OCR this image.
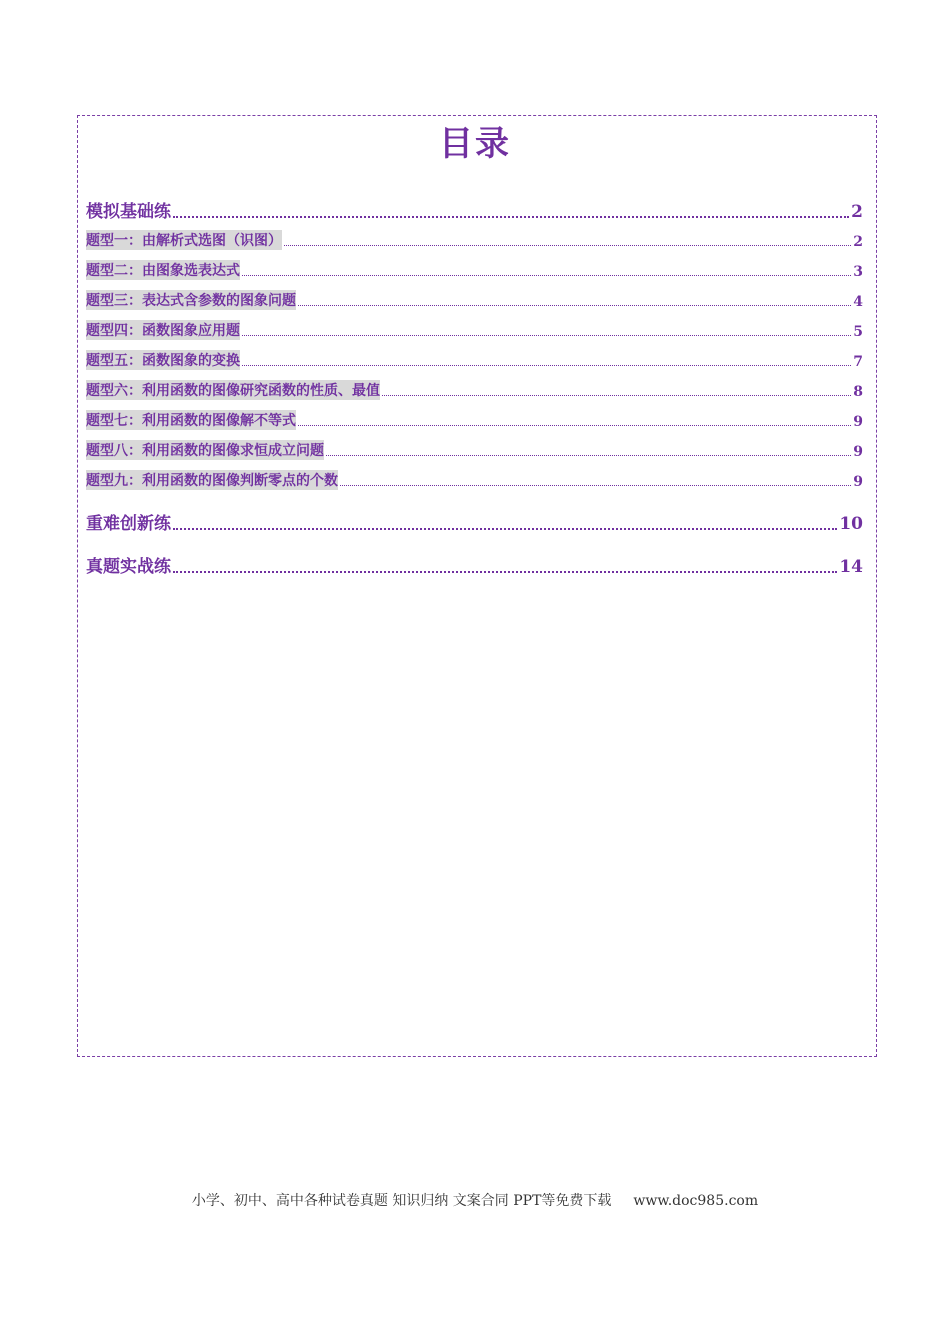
目录
模拟基础练	2
题型一：由解析式选图（识图）	2
题型二：由图象选表达式	3
题型三：表达式含参数的图象问题	4
题型四：函数图象应用题	5
题型五：函数图象的变换	7
题型六：利用函数的图像研究函数的性质、最值	8
题型七：利用函数的图像解不等式	9
题型八：利用函数的图像求恒成立问题	9
题型九：利用函数的图像判断零点的个数	9
重难创新练	10
真题实战练	14
小学、初中、高中各种试卷真题 知识归纳 文案合同 PPT等免费下载 www.doc985.com
